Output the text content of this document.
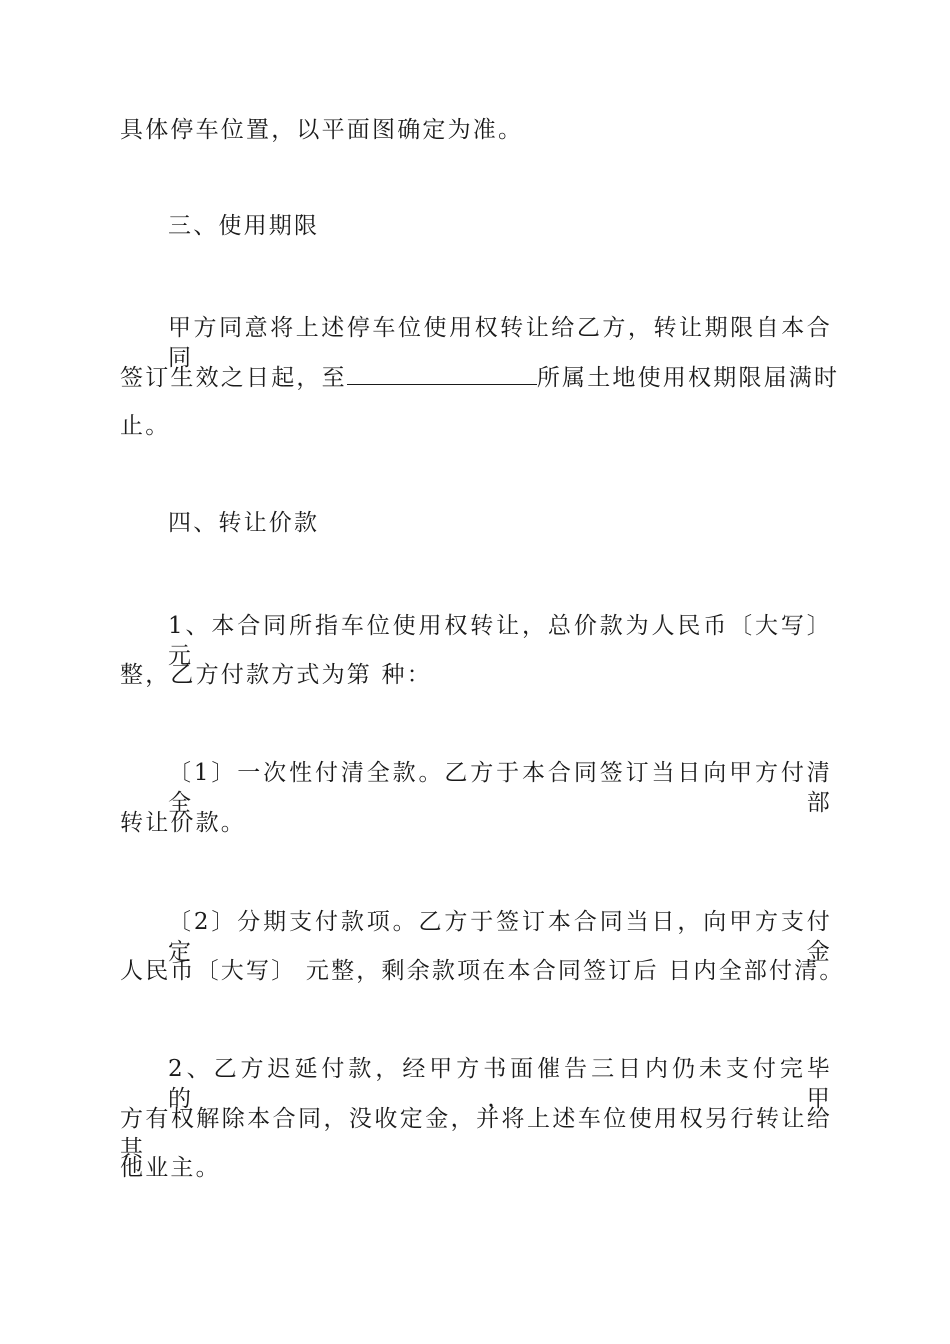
具体停车位置，以平面图确定为准。
三、使用期限
甲方同意将上述停车位使用权转让给乙方，转让期限自本合同
签订生效之日起，至	所属土地使用权期限届满时
止。
四、转让价款
1、本合同所指车位使用权转让，总价款为人民币〔大写〕 元
整，乙方付款方式为第 种：
〔1〕一次性付清全款。乙方于本合同签订当日向甲方付清全部
转让价款。
〔2〕分期支付款项。乙方于签订本合同当日，向甲方支付定金
人民币〔大写〕 元整，剩余款项在本合同签订后 日内全部付清。
2、乙方迟延付款，经甲方书面催告三日内仍未支付完毕的，甲
方有权解除本合同，没收定金，并将上述车位使用权另行转让给其
他业主。
